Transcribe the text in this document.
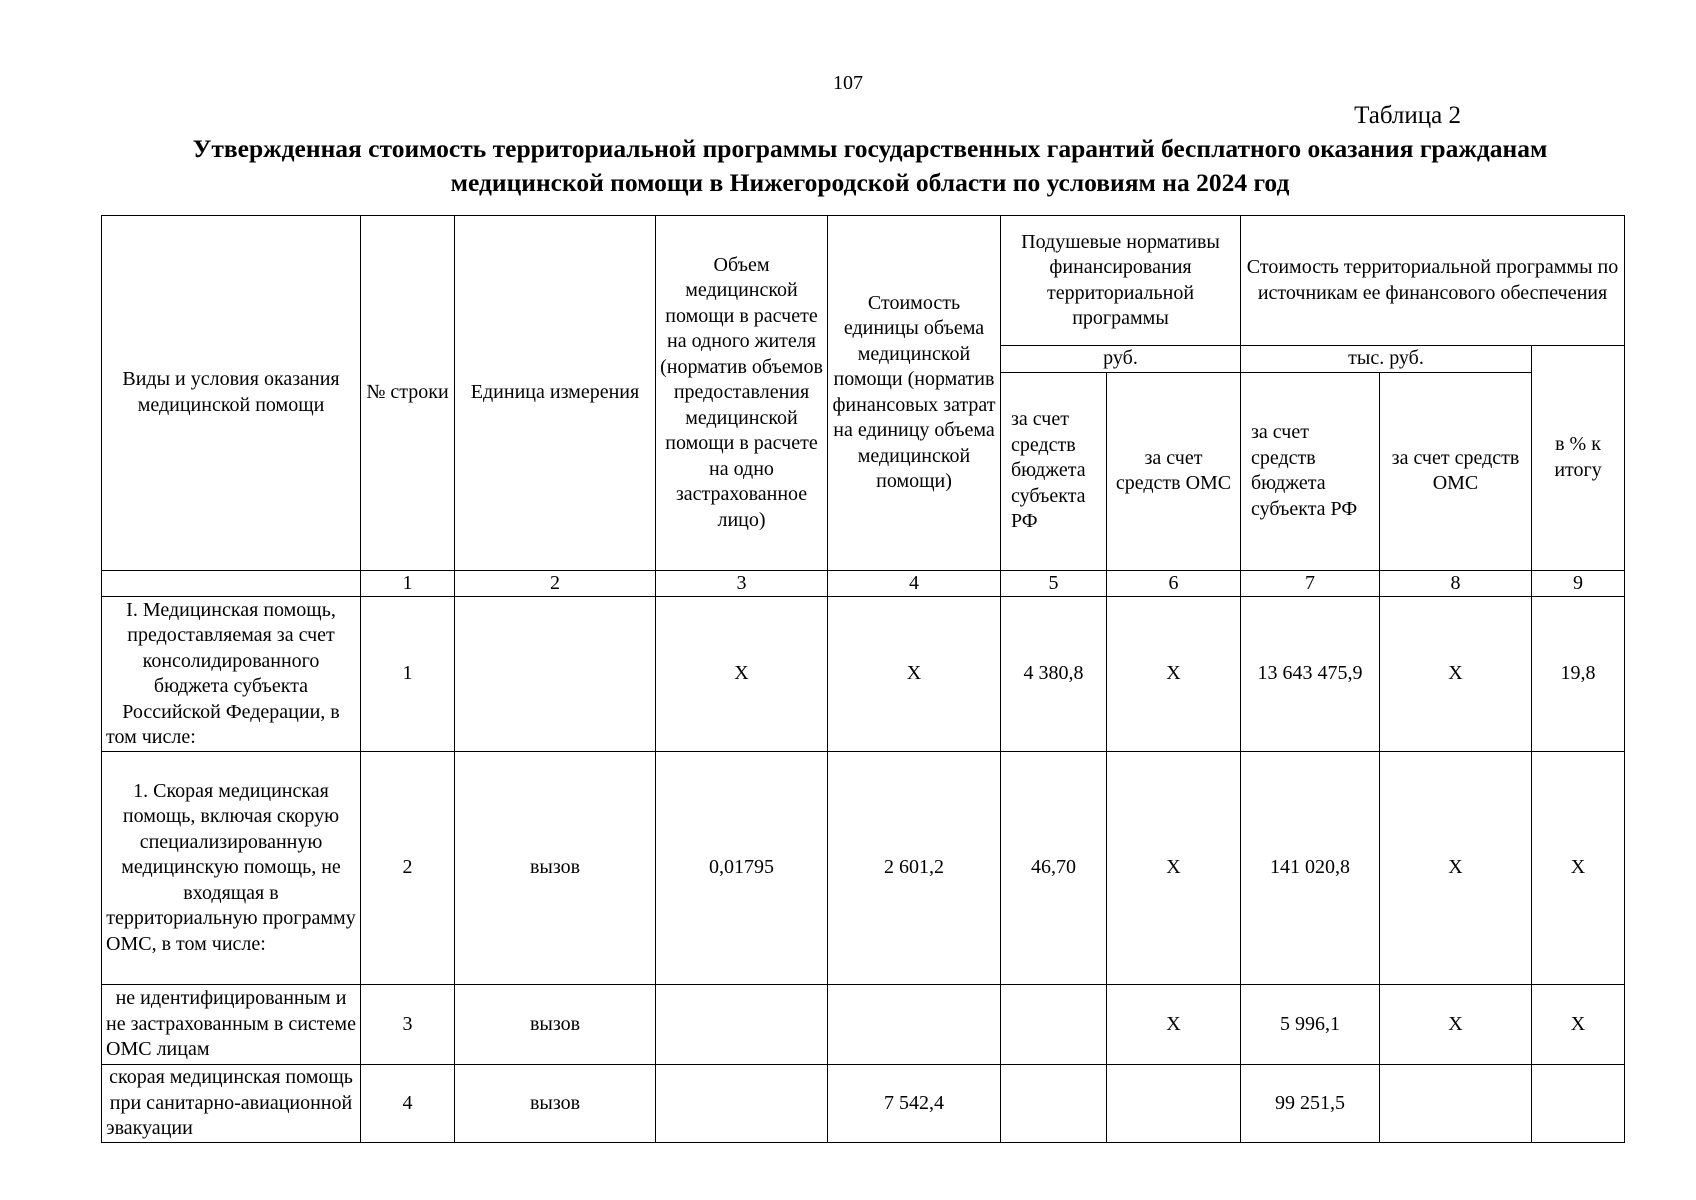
107
Таблица 2
Утвержденная стоимость территориальной программы государственных гарантий бесплатного оказания гражданам
медицинской помощи в Нижегородской области по условиям на 2024 год
Виды и условия оказания медицинской помощи	№ строки	Единица измерения	Объем медицинской помощи в расчете на одного жителя (норматив объемов предоставления медицинской помощи в расчете на одно застрахованное лицо)	Стоимость единицы объема медицинской помощи (норматив финансовых затрат на единицу объема медицинской помощи)	Подушевые нормативы финансирования территориальной программы		Стоимость территориальной программы по источникам ее финансового обеспечения		
					руб.		тыс. руб.		в % к итогу
					за счет средств бюджета субъекта РФ	за счет средств ОМС	за счет средств бюджета субъекта РФ	за счет средств ОМС	
	1	2	3	4	5	6	7	8	9
I. Медицинская помощь, предоставляемая за счет консолидированного бюджета субъекта Российской Федерации, в том числе:	1		Х	Х	4 380,8	Х	13 643 475,9	Х	19,8
1. Скорая медицинская помощь, включая скорую специализированную медицинскую помощь, не входящая в территориальную программу ОМС, в том числе:	2	вызов	0,01795	2 601,2	46,70	Х	141 020,8	Х	Х
не идентифицированным и не застрахованным в системе ОМС лицам	3	вызов				Х	5 996,1	Х	Х
скорая медицинская помощь при санитарно-авиационной эвакуации	4	вызов		7 542,4			99 251,5		
